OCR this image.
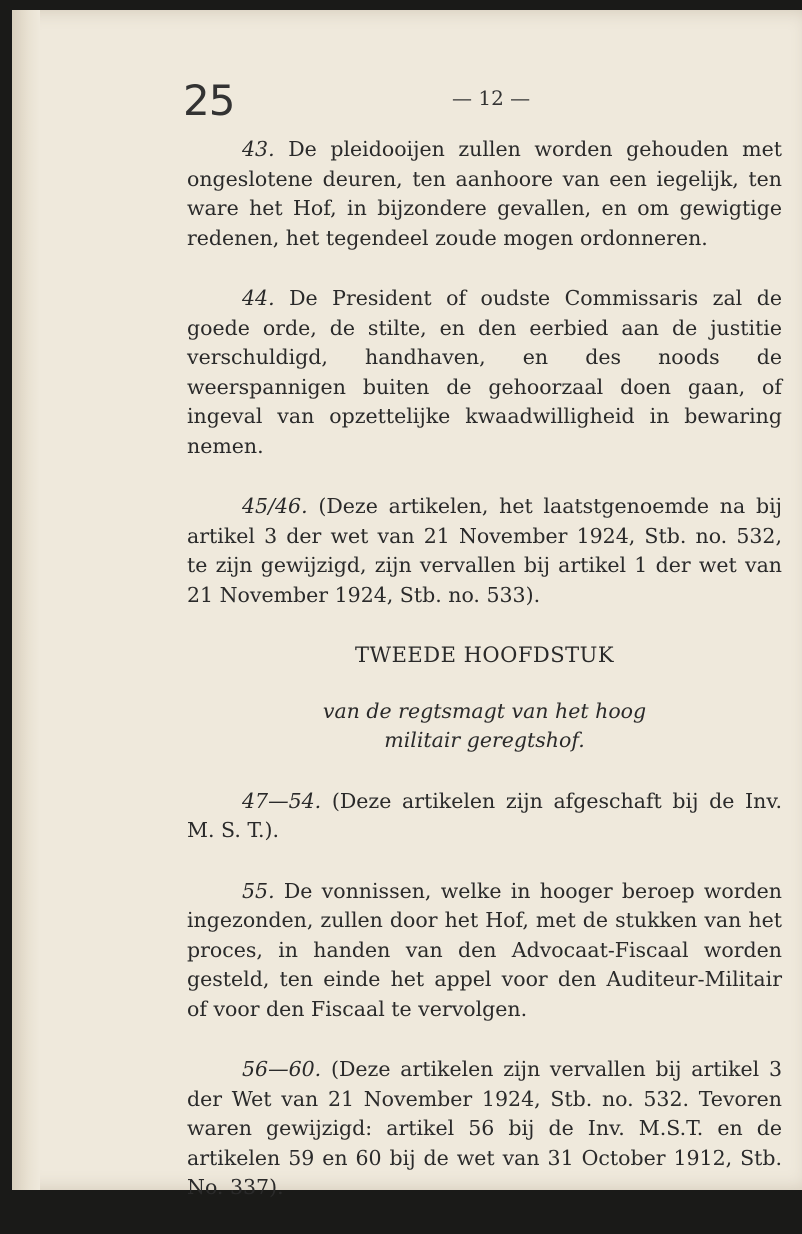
25	— 12 —

43. De pleidooijen zullen worden gehouden met ongeslotene deuren, ten aanhoore van een iegelijk, ten ware het Hof, in bijzondere gevallen, en om gewigtige redenen, het tegendeel zoude mogen ordonneren.

44. De President of oudste Commissaris zal de goede orde, de stilte, en den eerbied aan de justitie verschuldigd, handhaven, en des noods de weerspannigen buiten de gehoorzaal doen gaan, of ingeval van opzettelijke kwaadwilligheid in bewaring nemen.

45/46. (Deze artikelen, het laatstgenoemde na bij artikel 3 der wet van 21 November 1924, Stb. no. 532, te zijn gewijzigd, zijn vervallen bij artikel 1 der wet van 21 November 1924, Stb. no. 533).

TWEEDE HOOFDSTUK
van de regtsmagt van het hoog
militair geregtshof.

47—54. (Deze artikelen zijn afgeschaft bij de Inv. M. S. T.).

55. De vonnissen, welke in hooger beroep worden ingezonden, zullen door het Hof, met de stukken van het proces, in handen van den Advocaat-Fiscaal worden gesteld, ten einde het appel voor den Auditeur-Militair of voor den Fiscaal te vervolgen.

56—60. (Deze artikelen zijn vervallen bij artikel 3 der Wet van 21 November 1924, Stb. no. 532. Tevoren waren gewijzigd: artikel 56 bij de Inv. M.S.T. en de artikelen 59 en 60 bij de wet van 31 October 1912, Stb. No. 337).
